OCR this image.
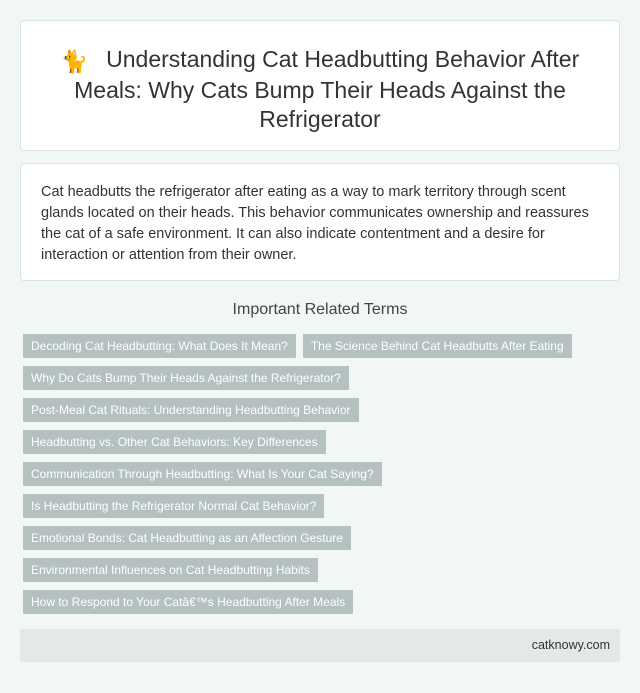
🐈 Understanding Cat Headbutting Behavior After Meals: Why Cats Bump Their Heads Against the Refrigerator

Cat headbutts the refrigerator after eating as a way to mark territory through scent glands located on their heads. This behavior communicates ownership and reassures the cat of a safe environment. It can also indicate contentment and a desire for interaction or attention from their owner.

Important Related Terms
Decoding Cat Headbutting: What Does It Mean? The Science Behind Cat Headbutts After Eating
Why Do Cats Bump Their Heads Against the Refrigerator?
Post-Meal Cat Rituals: Understanding Headbutting Behavior
Headbutting vs. Other Cat Behaviors: Key Differences
Communication Through Headbutting: What Is Your Cat Saying?
Is Headbutting the Refrigerator Normal Cat Behavior?
Emotional Bonds: Cat Headbutting as an Affection Gesture
Environmental Influences on Cat Headbutting Habits
How to Respond to Your Catâ€™s Headbutting After Meals
catknowy.com
